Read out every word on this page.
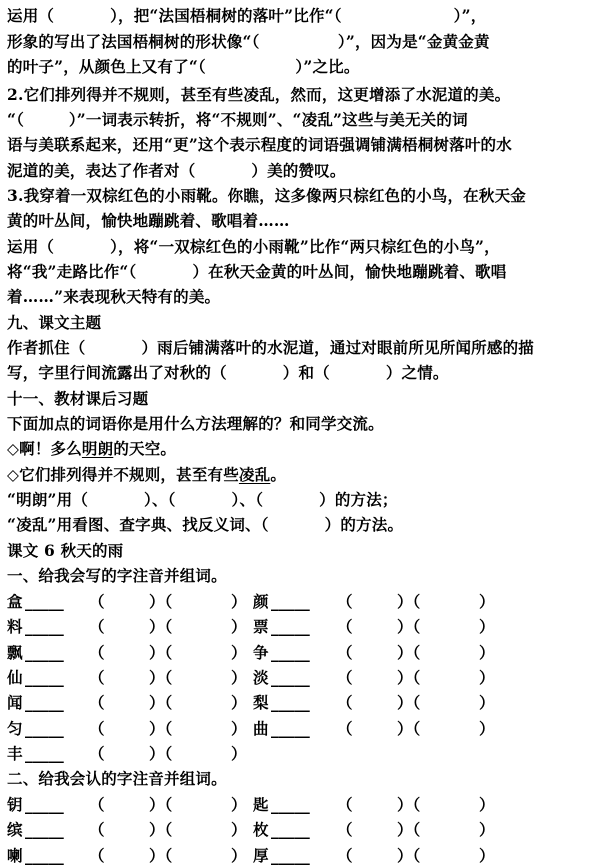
运用（          ），把“法国梧桐树的落叶”比作“（                    ）”，
形象的写出了法国梧桐树的形状像“（              ）”，因为是“金黄金黄
的叶子”，从颜色上又有了“（                ）”之比。
2.它们排列得并不规则，甚至有些凌乱，然而，这更增添了水泥道的美。
“（        ）”一词表示转折，将“不规则”、“凌乱”这些与美无关的词
语与美联系起来，还用“更”这个表示程度的词语强调铺满梧桐树落叶的水
泥道的美，表达了作者对（          ）美的赞叹。
3.我穿着一双棕红色的小雨靴。你瞧，这多像两只棕红色的小鸟，在秋天金
黄的叶丛间，愉快地蹦跳着、歌唱着……
运用（          ），将“一双棕红色的小雨靴”比作“两只棕红色的小鸟”，
将“我”走路比作“（          ）在秋天金黄的叶丛间，愉快地蹦跳着、歌唱
着……”来表现秋天特有的美。
九、课文主题
作者抓住（          ）雨后铺满落叶的水泥道，通过对眼前所见所闻所感的描
写，字里行间流露出了对秋的（          ）和（          ）之情。
十一、教材课后习题
下面加点的词语你是用什么方法理解的？和同学交流。
◇啊！多么明朗的天空。
◇它们排列得并不规则，甚至有些凌乱。
“明朗”用（          ）、（          ）、（          ）的方法；
“凌乱”用看图、查字典、找反义词、（          ）的方法。
课文 6 秋天的雨
一、给我会写的字注音并组词。
盒 _____ （	）（	） 颜 _____ （	）（	）
料 _____ （	）（	） 票 _____ （	）（	）
飘 _____ （	）（	） 争 _____ （	）（	）
仙 _____ （	）（	） 淡 _____ （	）（	）
闻 _____ （	）（	） 梨 _____ （	）（	）
匀 _____ （	）（	） 曲 _____ （	）（	）
丰 _____ （	）（	）
二、给我会认的字注音并组词。
钥 _____ （	）（	） 匙 _____ （	）（	）
缤 _____ （	）（	） 枚 _____ （	）（	）
喇 _____ （	）（	） 厚 _____ （	）（	）
